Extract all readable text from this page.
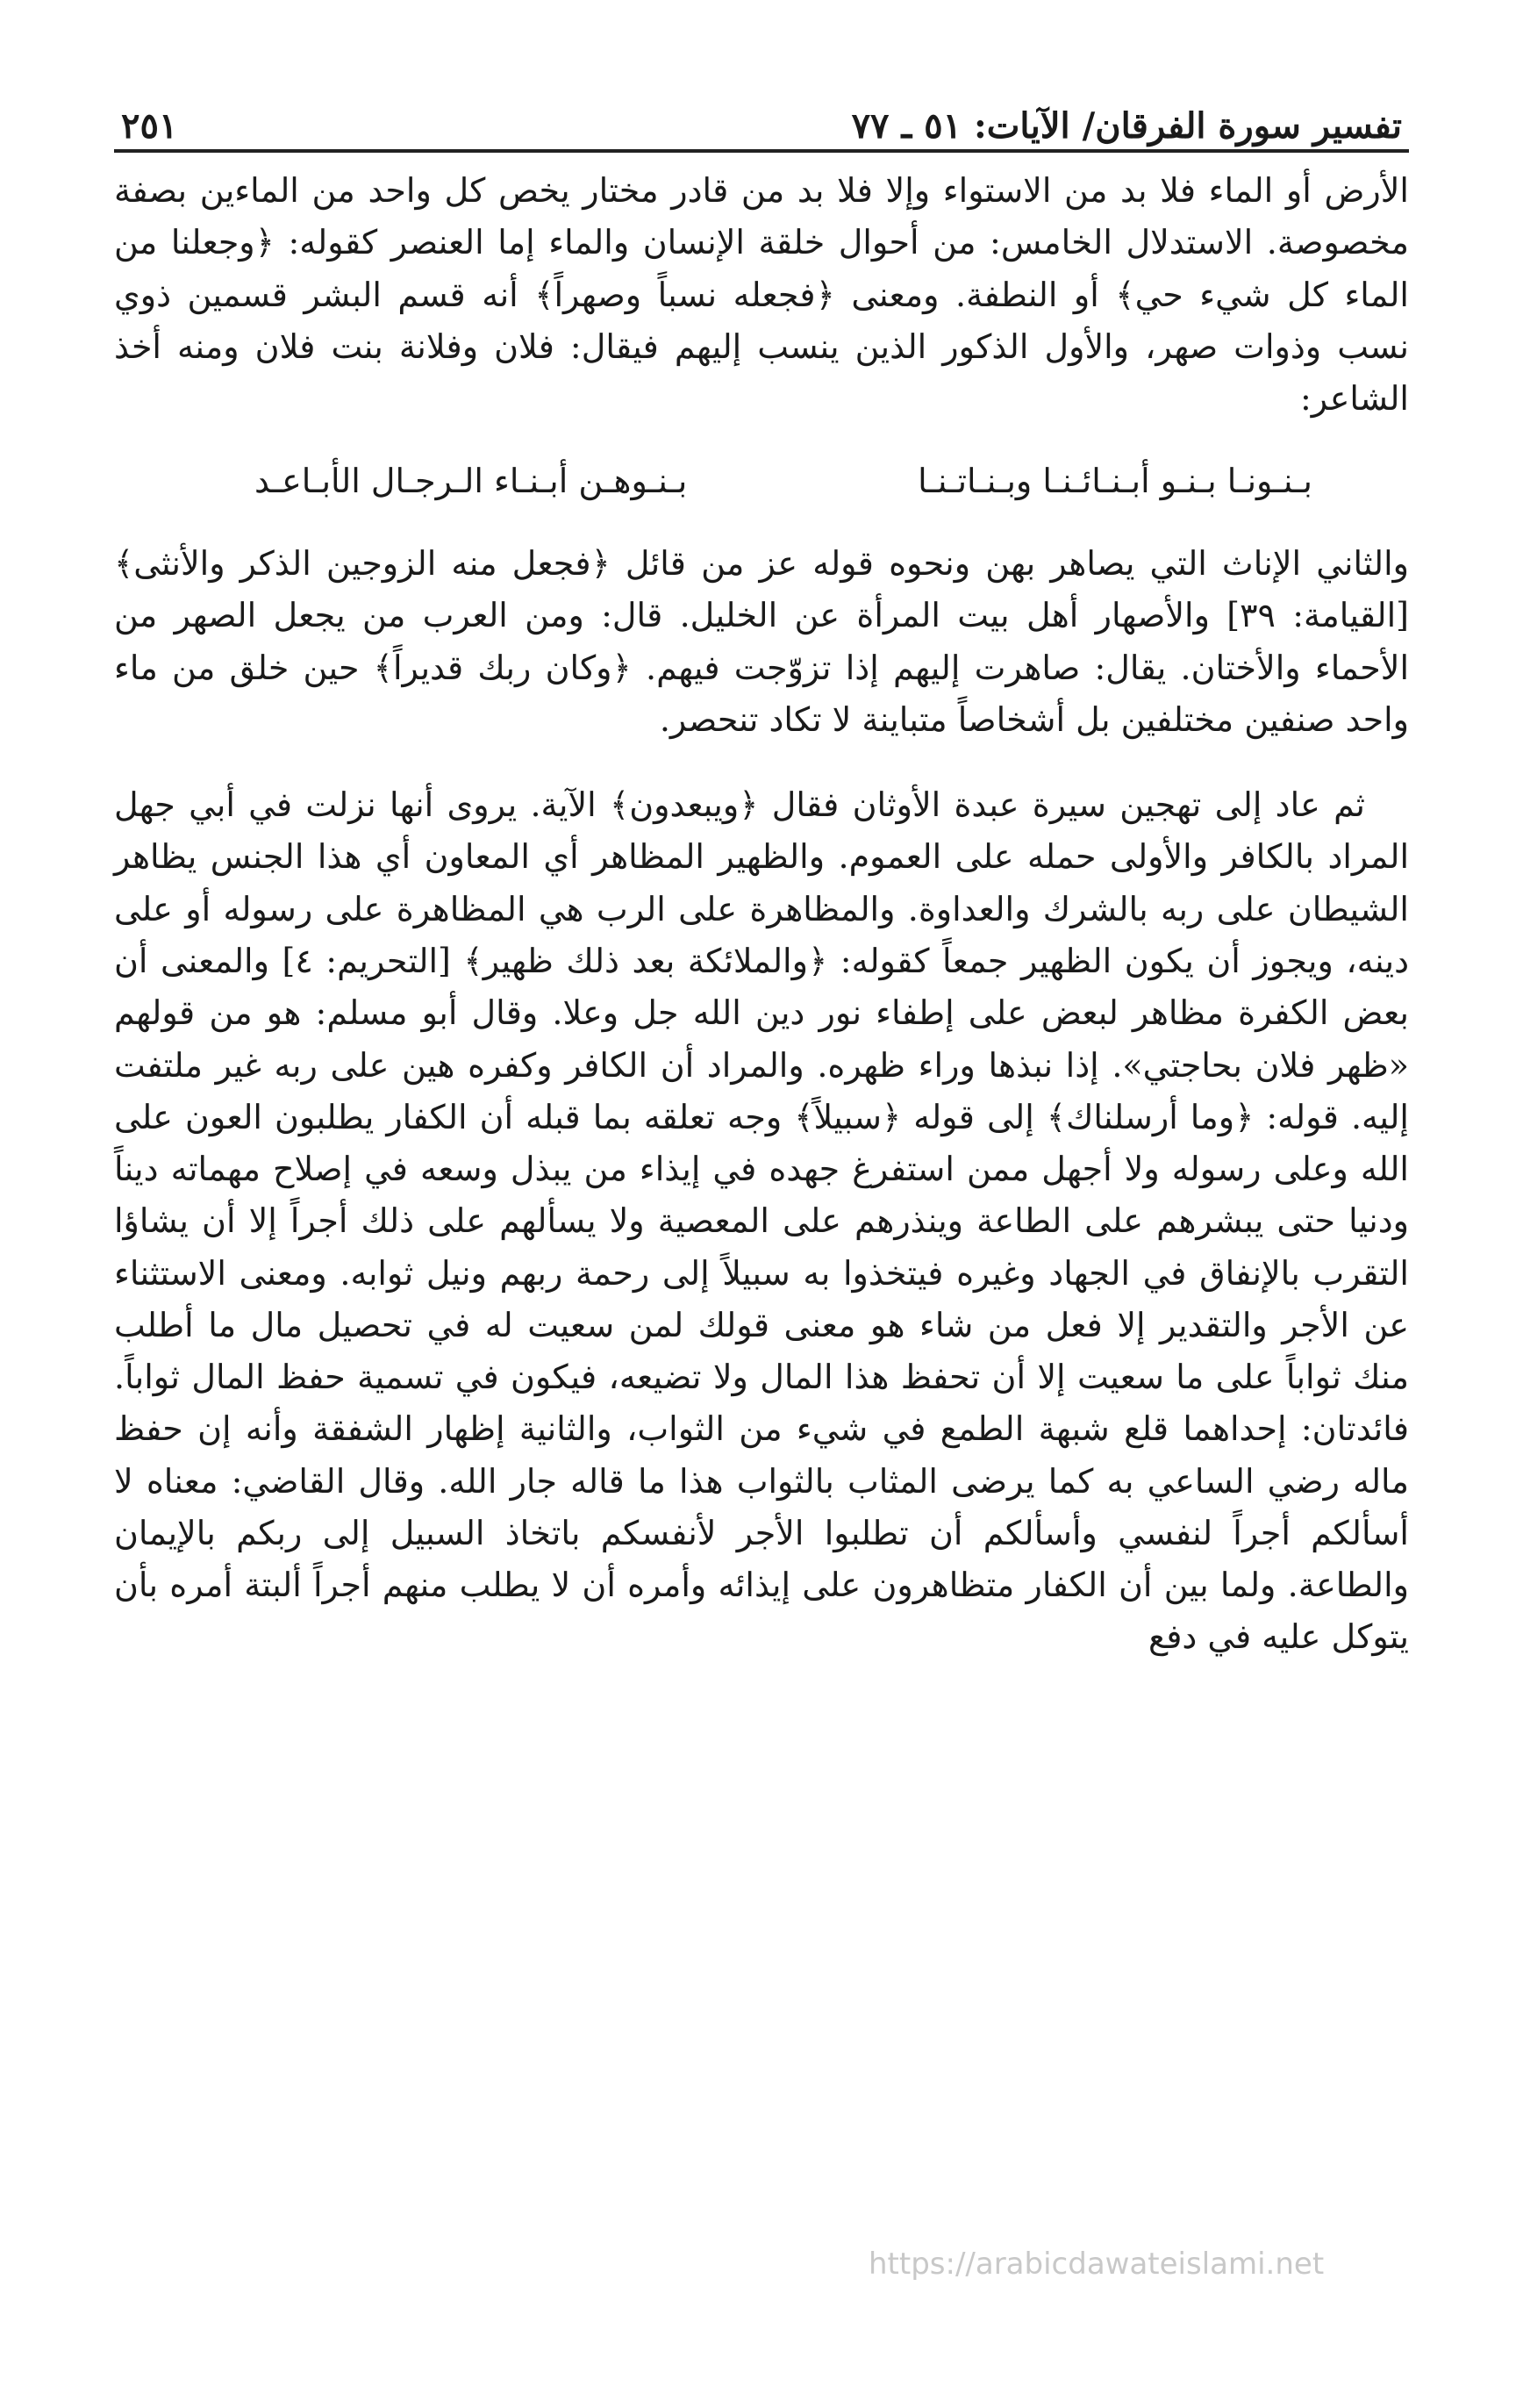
تفسير سورة الفرقان/ الآيات: ٥١ ـ ٧٧
٢٥١

الأرض أو الماء فلا بد من الاستواء وإلا فلا بد من قادر مختار يخص كل واحد من الماءين بصفة مخصوصة. الاستدلال الخامس: من أحوال خلقة الإنسان والماء إما العنصر كقوله: ﴿وجعلنا من الماء كل شيء حي﴾ أو النطفة. ومعنى ﴿فجعله نسباً وصهراً﴾ أنه قسم البشر قسمين ذوي نسب وذوات صهر، والأول الذكور الذين ينسب إليهم فيقال: فلان وفلانة بنت فلان ومنه أخذ الشاعر:

بـنـونـا بـنـو أبـنـائـنـا وبـنـاتـنـا
بـنـوهـن أبـنـاء الـرجـال الأبـاعـد

والثاني الإناث التي يصاهر بهن ونحوه قوله عز من قائل ﴿فجعل منه الزوجين الذكر والأنثى﴾ [القيامة: ٣٩] والأصهار أهل بيت المرأة عن الخليل. قال: ومن العرب من يجعل الصهر من الأحماء والأختان. يقال: صاهرت إليهم إذا تزوّجت فيهم. ﴿وكان ربك قديراً﴾ حين خلق من ماء واحد صنفين مختلفين بل أشخاصاً متباينة لا تكاد تنحصر.

ثم عاد إلى تهجين سيرة عبدة الأوثان فقال ﴿ويبعدون﴾ الآية. يروى أنها نزلت في أبي جهل المراد بالكافر والأولى حمله على العموم. والظهير المظاهر أي المعاون أي هذا الجنس يظاهر الشيطان على ربه بالشرك والعداوة. والمظاهرة على الرب هي المظاهرة على رسوله أو على دينه، ويجوز أن يكون الظهير جمعاً كقوله: ﴿والملائكة بعد ذلك ظهير﴾ [التحريم: ٤] والمعنى أن بعض الكفرة مظاهر لبعض على إطفاء نور دين الله جل وعلا. وقال أبو مسلم: هو من قولهم «ظهر فلان بحاجتي». إذا نبذها وراء ظهره. والمراد أن الكافر وكفره هين على ربه غير ملتفت إليه. قوله: ﴿وما أرسلناك﴾ إلى قوله ﴿سبيلاً﴾ وجه تعلقه بما قبله أن الكفار يطلبون العون على الله وعلى رسوله ولا أجهل ممن استفرغ جهده في إيذاء من يبذل وسعه في إصلاح مهماته ديناً ودنيا حتى يبشرهم على الطاعة وينذرهم على المعصية ولا يسألهم على ذلك أجراً إلا أن يشاؤا التقرب بالإنفاق في الجهاد وغيره فيتخذوا به سبيلاً إلى رحمة ربهم ونيل ثوابه. ومعنى الاستثناء عن الأجر والتقدير إلا فعل من شاء هو معنى قولك لمن سعيت له في تحصيل مال ما أطلب منك ثواباً على ما سعيت إلا أن تحفظ هذا المال ولا تضيعه، فيكون في تسمية حفظ المال ثواباً. فائدتان: إحداهما قلع شبهة الطمع في شيء من الثواب، والثانية إظهار الشفقة وأنه إن حفظ ماله رضي الساعي به كما يرضى المثاب بالثواب هذا ما قاله جار الله. وقال القاضي: معناه لا أسألكم أجراً لنفسي وأسألكم أن تطلبوا الأجر لأنفسكم باتخاذ السبيل إلى ربكم بالإيمان والطاعة. ولما بين أن الكفار متظاهرون على إيذائه وأمره أن لا يطلب منهم أجراً ألبتة أمره بأن يتوكل عليه في دفع

https://arabicdawateislami.net
